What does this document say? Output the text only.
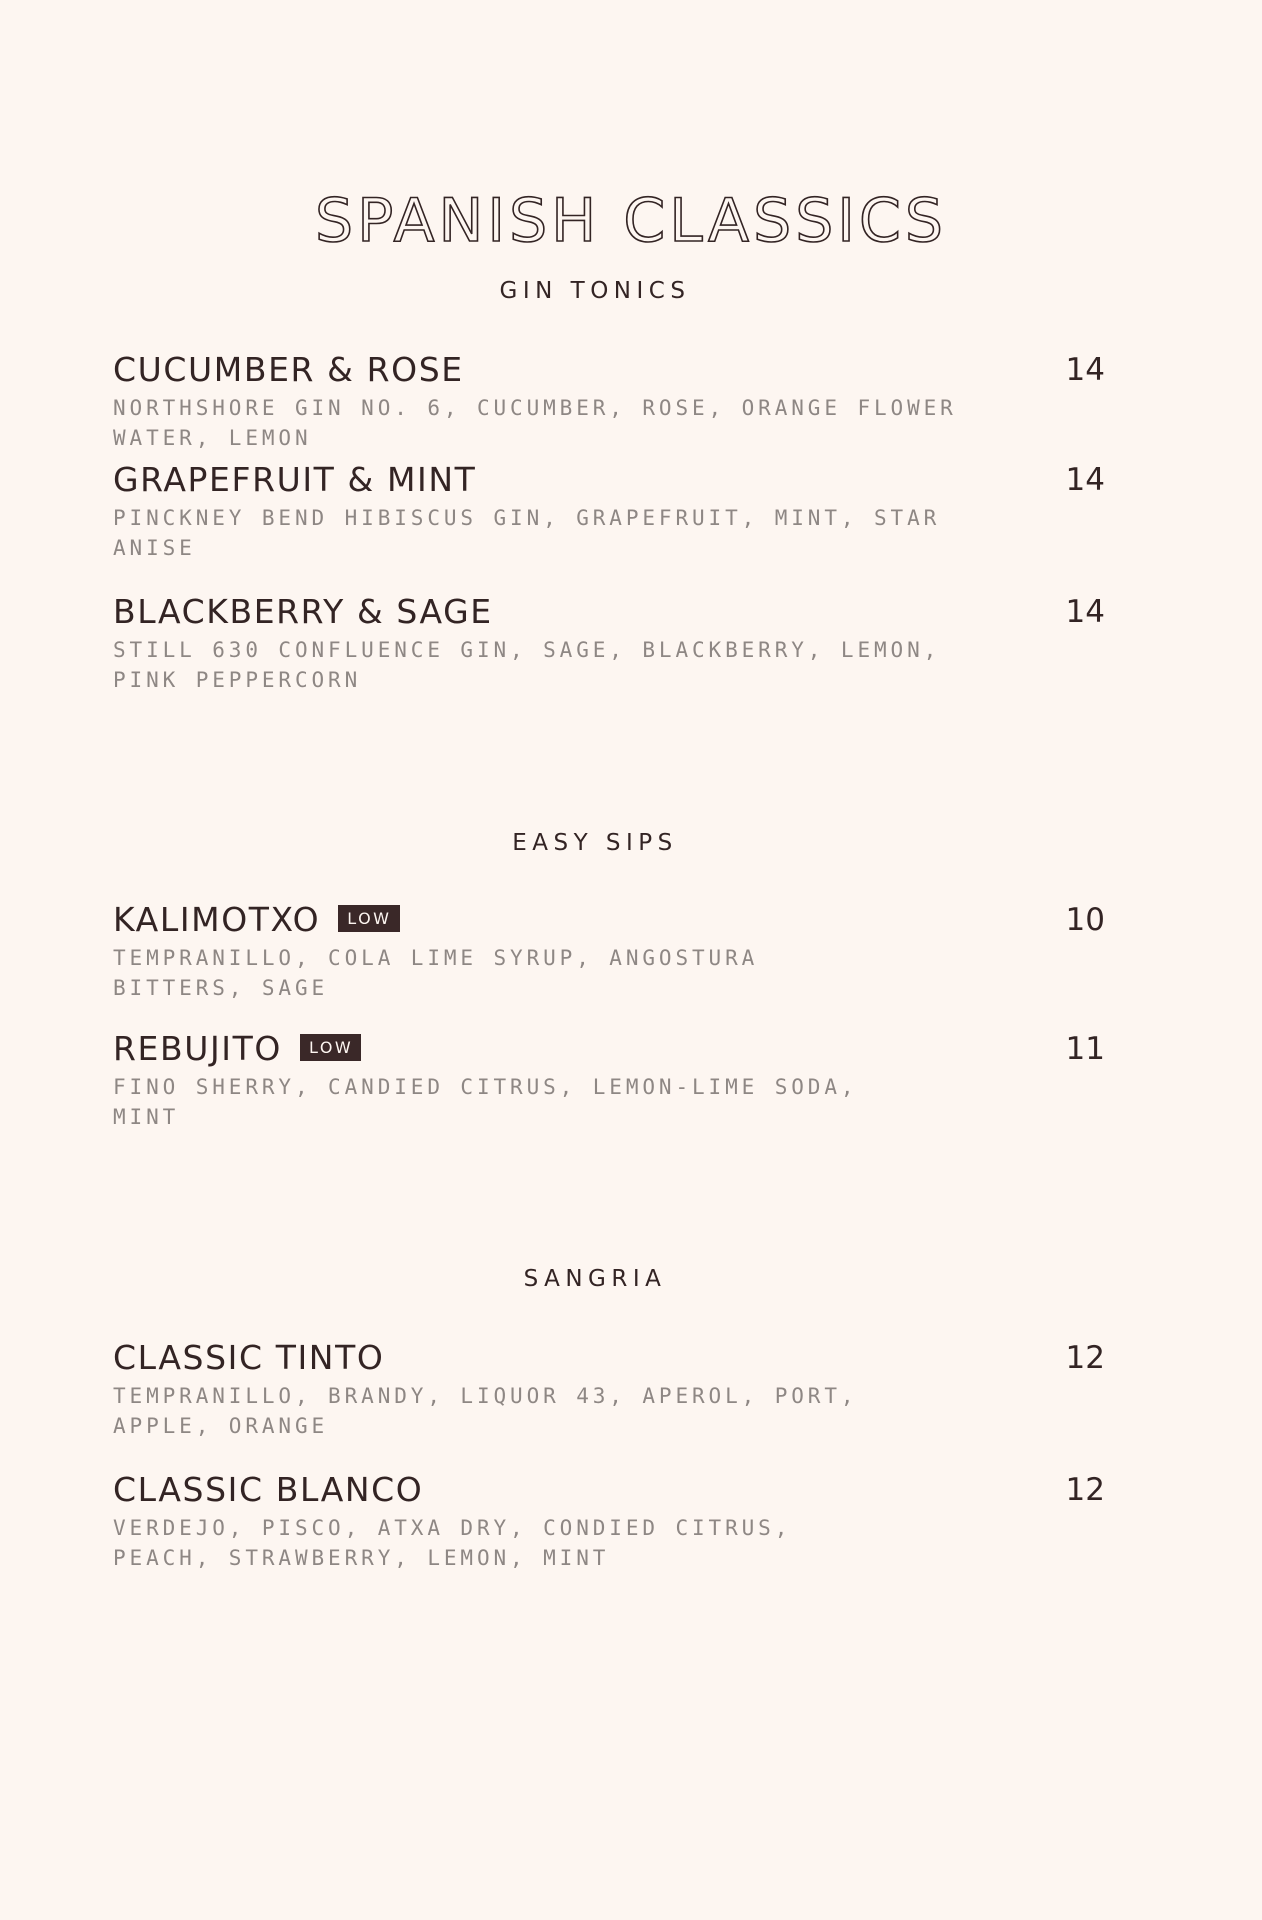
SPANISH CLASSICS
GIN TONICS
CUCUMBER & ROSE	14
NORTHSHORE GIN NO. 6, CUCUMBER, ROSE, ORANGE FLOWER WATER, LEMON
GRAPEFRUIT & MINT	14
PINCKNEY BEND HIBISCUS GIN, GRAPEFRUIT, MINT, STAR ANISE
BLACKBERRY & SAGE	14
STILL 630 CONFLUENCE GIN, SAGE, BLACKBERRY, LEMON, PINK PEPPERCORN
EASY SIPS
KALIMOTXO LOW	10
TEMPRANILLO, COLA LIME SYRUP, ANGOSTURA BITTERS, SAGE
REBUJITO LOW	11
FINO SHERRY, CANDIED CITRUS, LEMON-LIME SODA, MINT
SANGRIA
CLASSIC TINTO	12
TEMPRANILLO, BRANDY, LIQUOR 43, APEROL, PORT, APPLE, ORANGE
CLASSIC BLANCO	12
VERDEJO, PISCO, ATXA DRY, CONDIED CITRUS, PEACH, STRAWBERRY, LEMON, MINT
